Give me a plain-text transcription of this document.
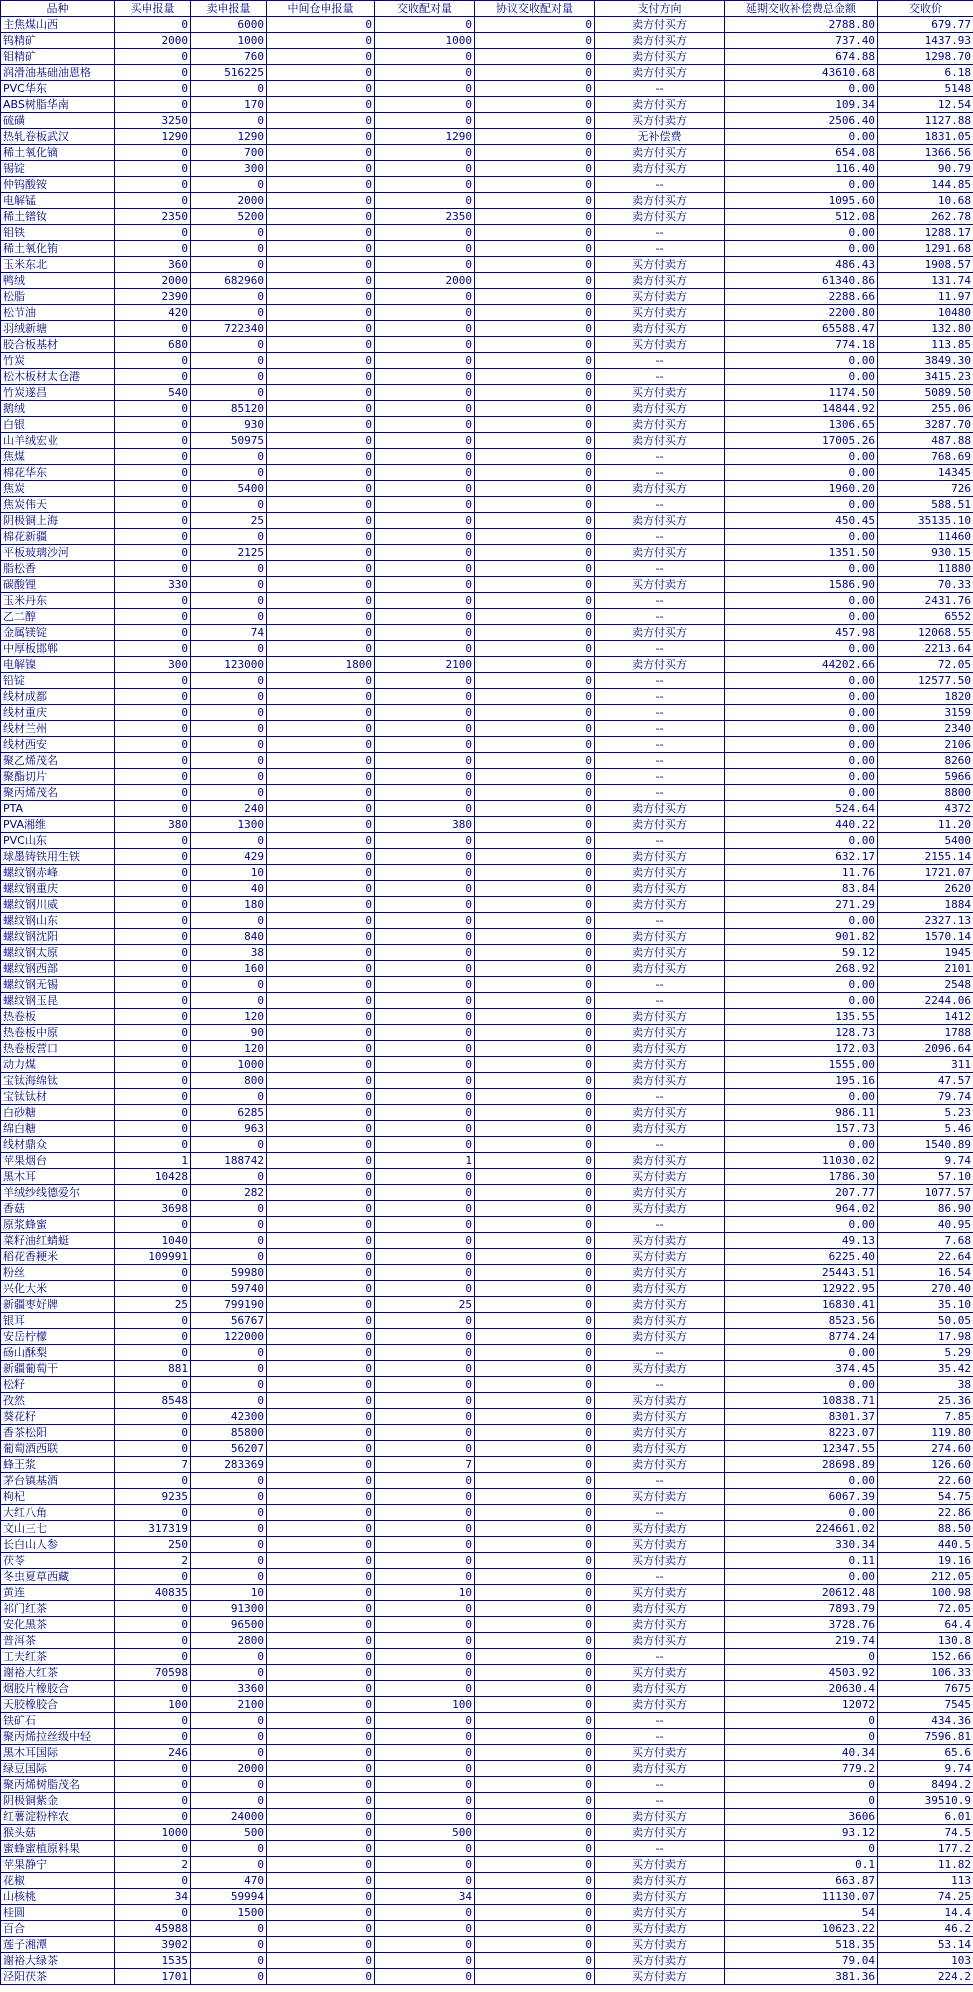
品种	买申报量	卖申报量	中间仓申报量	交收配对量	协议交收配对量	支付方向	延期交收补偿费总金额	交收价
主焦煤山西	0	6000	0	0	0	卖方付买方	2788.80	679.77
钨精矿	2000	1000	0	1000	0	卖方付买方	737.40	1437.93
钼精矿	0	760	0	0	0	卖方付买方	674.88	1298.70
润滑油基础油恩格	0	516225	0	0	0	卖方付买方	43610.68	6.18
PVC华东	0	0	0	0	0	--	0.00	5148
ABS树脂华南	0	170	0	0	0	卖方付买方	109.34	12.54
硫磺	3250	0	0	0	0	买方付卖方	2506.40	1127.88
热轧卷板武汉	1290	1290	0	1290	0	无补偿费	0.00	1831.05
稀土氧化镝	0	700	0	0	0	卖方付买方	654.08	1366.56
锡锭	0	300	0	0	0	卖方付买方	116.40	90.79
仲钨酸铵	0	0	0	0	0	--	0.00	144.85
电解锰	0	2000	0	0	0	卖方付买方	1095.60	10.68
稀土镨钕	2350	5200	0	2350	0	卖方付买方	512.08	262.78
钼铁	0	0	0	0	0	--	0.00	1288.17
稀土氧化铕	0	0	0	0	0	--	0.00	1291.68
玉米东北	360	0	0	0	0	买方付卖方	486.43	1908.57
鸭绒	2000	682960	0	2000	0	卖方付买方	61340.86	131.74
松脂	2390	0	0	0	0	买方付卖方	2288.66	11.97
松节油	420	0	0	0	0	买方付卖方	2200.80	10480
羽绒新塘	0	722340	0	0	0	卖方付买方	65588.47	132.80
胶合板基材	680	0	0	0	0	买方付卖方	774.18	113.85
竹炭	0	0	0	0	0	--	0.00	3849.30
松木板材太仓港	0	0	0	0	0	--	0.00	3415.23
竹炭遂昌	540	0	0	0	0	买方付卖方	1174.50	5089.50
鹅绒	0	85120	0	0	0	卖方付买方	14844.92	255.06
白银	0	930	0	0	0	卖方付买方	1306.65	3287.70
山羊绒宏业	0	50975	0	0	0	卖方付买方	17005.26	487.88
焦煤	0	0	0	0	0	--	0.00	768.69
棉花华东	0	0	0	0	0	--	0.00	14345
焦炭	0	5400	0	0	0	卖方付买方	1960.20	726
焦炭伟天	0	0	0	0	0	--	0.00	588.51
阴极铜上海	0	25	0	0	0	卖方付买方	450.45	35135.10
棉花新疆	0	0	0	0	0	--	0.00	11460
平板玻璃沙河	0	2125	0	0	0	卖方付买方	1351.50	930.15
脂松香	0	0	0	0	0	--	0.00	11880
碳酸锂	330	0	0	0	0	买方付卖方	1586.90	70.33
玉米丹东	0	0	0	0	0	--	0.00	2431.76
乙二醇	0	0	0	0	0	--	0.00	6552
金属镁锭	0	74	0	0	0	卖方付买方	457.98	12068.55
中厚板邯郸	0	0	0	0	0	--	0.00	2213.64
电解镍	300	123000	1800	2100	0	卖方付买方	44202.66	72.05
铅锭	0	0	0	0	0	--	0.00	12577.50
线材成都	0	0	0	0	0	--	0.00	1820
线材重庆	0	0	0	0	0	--	0.00	3159
线材兰州	0	0	0	0	0	--	0.00	2340
线材西安	0	0	0	0	0	--	0.00	2106
聚乙烯茂名	0	0	0	0	0	--	0.00	8260
聚酯切片	0	0	0	0	0	--	0.00	5966
聚丙烯茂名	0	0	0	0	0	--	0.00	8800
PTA	0	240	0	0	0	卖方付买方	524.64	4372
PVA湘维	380	1300	0	380	0	卖方付买方	440.22	11.20
PVC山东	0	0	0	0	0	--	0.00	5400
球墨铸铁用生铁	0	429	0	0	0	卖方付买方	632.17	2155.14
螺纹钢赤峰	0	10	0	0	0	卖方付买方	11.76	1721.07
螺纹钢重庆	0	40	0	0	0	卖方付买方	83.84	2620
螺纹钢川威	0	180	0	0	0	卖方付买方	271.29	1884
螺纹钢山东	0	0	0	0	0	--	0.00	2327.13
螺纹钢沈阳	0	840	0	0	0	卖方付买方	901.82	1570.14
螺纹钢太原	0	38	0	0	0	卖方付买方	59.12	1945
螺纹钢西部	0	160	0	0	0	卖方付买方	268.92	2101
螺纹钢无锡	0	0	0	0	0	--	0.00	2548
螺纹钢玉昆	0	0	0	0	0	--	0.00	2244.06
热卷板	0	120	0	0	0	卖方付买方	135.55	1412
热卷板中原	0	90	0	0	0	卖方付买方	128.73	1788
热卷板营口	0	120	0	0	0	卖方付买方	172.03	2096.64
动力煤	0	1000	0	0	0	卖方付买方	1555.00	311
宝钛海绵钛	0	800	0	0	0	卖方付买方	195.16	47.57
宝钛钛材	0	0	0	0	0	--	0.00	79.74
白砂糖	0	6285	0	0	0	卖方付买方	986.11	5.23
绵白糖	0	963	0	0	0	卖方付买方	157.73	5.46
线材鼎众	0	0	0	0	0	--	0.00	1540.89
苹果烟台	1	188742	0	1	0	卖方付买方	11030.02	9.74
黑木耳	10428	0	0	0	0	买方付卖方	1786.30	57.10
羊绒纱线德爱尔	0	282	0	0	0	卖方付买方	207.77	1077.57
香菇	3698	0	0	0	0	买方付卖方	964.02	86.90
原浆蜂蜜	0	0	0	0	0	--	0.00	40.95
菜籽油红蜻蜓	1040	0	0	0	0	买方付卖方	49.13	7.68
稻花香粳米	109991	0	0	0	0	买方付卖方	6225.40	22.64
粉丝	0	59980	0	0	0	卖方付买方	25443.51	16.54
兴化大米	0	59740	0	0	0	卖方付买方	12922.95	270.40
新疆枣好牌	25	799190	0	25	0	卖方付买方	16830.41	35.10
银耳	0	56767	0	0	0	卖方付买方	8523.56	50.05
安岳柠檬	0	122000	0	0	0	卖方付买方	8774.24	17.98
砀山酥梨	0	0	0	0	0	--	0.00	5.29
新疆葡萄干	881	0	0	0	0	买方付卖方	374.45	35.42
松籽	0	0	0	0	0	--	0.00	38
孜然	8548	0	0	0	0	买方付卖方	10838.71	25.36
葵花籽	0	42300	0	0	0	卖方付买方	8301.37	7.85
香茶松阳	0	85800	0	0	0	卖方付买方	8223.07	119.80
葡萄酒西联	0	56207	0	0	0	卖方付买方	12347.55	274.60
蜂王浆	7	283369	0	7	0	卖方付买方	28698.89	126.60
茅台镇基酒	0	0	0	0	0	--	0.00	22.60
枸杞	9235	0	0	0	0	买方付卖方	6067.39	54.75
大红八角	0	0	0	0	0	--	0.00	22.86
文山三七	317319	0	0	0	0	买方付卖方	224661.02	88.50
长白山人参	250	0	0	0	0	买方付卖方	330.34	440.5
茯苓	2	0	0	0	0	买方付卖方	0.11	19.16
冬虫夏草西藏	0	0	0	0	0	--	0.00	212.05
黄连	40835	10	0	10	0	买方付卖方	20612.48	100.98
祁门红茶	0	91300	0	0	0	卖方付买方	7893.79	72.05
安化黑茶	0	96500	0	0	0	卖方付买方	3728.76	64.4
普洱茶	0	2800	0	0	0	卖方付买方	219.74	130.8
工夫红茶	0	0	0	0	0	--	0	152.66
谢裕大红茶	70598	0	0	0	0	买方付卖方	4503.92	106.33
烟胶片橡胶合	0	3360	0	0	0	卖方付买方	20630.4	7675
天胶橡胶合	100	2100	0	100	0	卖方付买方	12072	7545
铁矿石	0	0	0	0	0	--	0	434.36
聚丙烯拉丝级中轻	0	0	0	0	0	--	0	7596.81
黑木耳国际	246	0	0	0	0	买方付卖方	40.34	65.6
绿豆国际	0	2000	0	0	0	卖方付买方	779.2	9.74
聚丙烯树脂茂名	0	0	0	0	0	--	0	8494.2
阴极铜紫金	0	0	0	0	0	--	0	39510.9
红薯淀粉梓农	0	24000	0	0	0	卖方付买方	3606	6.01
猴头菇	1000	500	0	500	0	卖方付买方	93.12	74.5
蜜蜂蜜植原料果	0	0	0	0	0	--	0	177.2
苹果静宁	2	0	0	0	0	买方付卖方	0.1	11.82
花椒	0	470	0	0	0	卖方付买方	663.87	113
山核桃	34	59994	0	34	0	卖方付买方	11130.07	74.25
桂圆	0	1500	0	0	0	卖方付买方	54	14.4
百合	45988	0	0	0	0	买方付卖方	10623.22	46.2
莲子湘潭	3902	0	0	0	0	买方付卖方	518.35	53.14
谢裕大绿茶	1535	0	0	0	0	买方付卖方	79.04	103
泾阳茯茶	1701	0	0	0	0	买方付卖方	381.36	224.2
